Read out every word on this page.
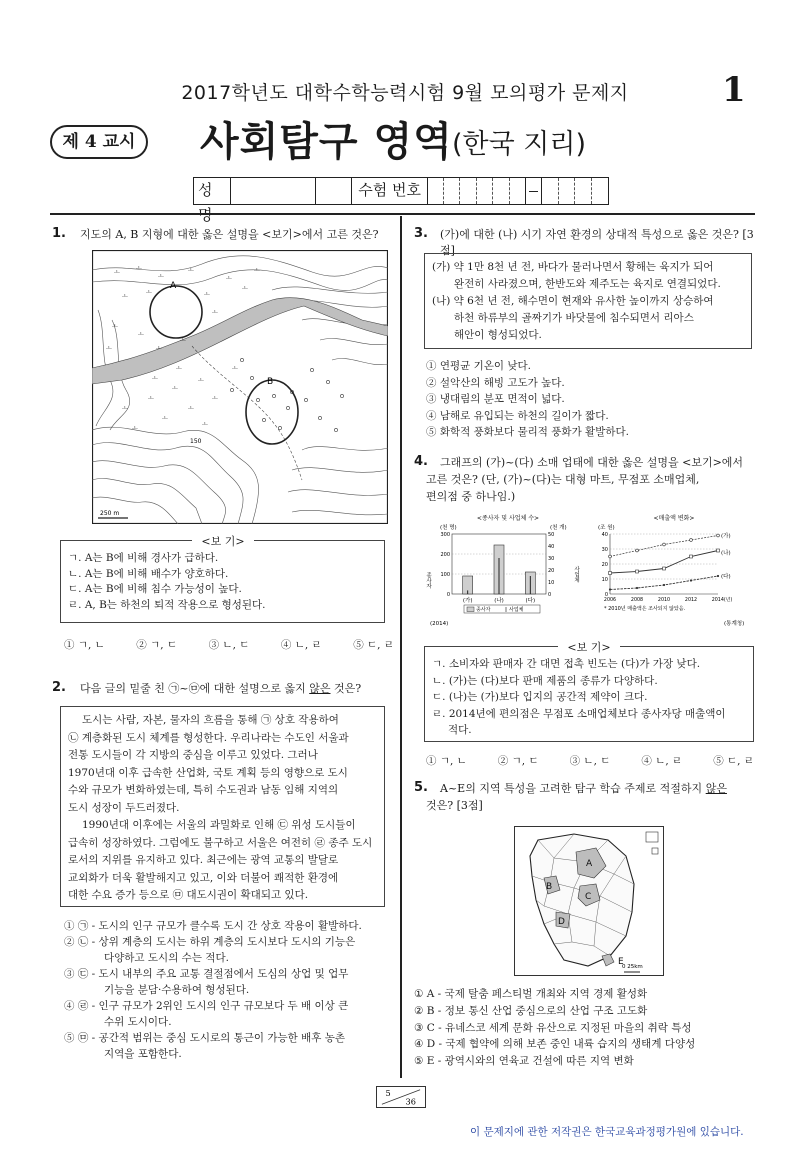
2017학년도 대학수학능력시험 9월 모의평가 문제지	1
제 4 교시	사회탐구 영역 (한국 지리)
성명
수험 번호
1. 지도의 A, B 지형에 대한 옳은 설명을 <보기>에서 고른 것은?
A
B
150
ㅗ
ㅗ
ㅗ
ㅗ
ㅗ
ㅗ	ㅗ
ㅗ
ㅗ
ㅗ
ㅗ
ㅗ
ㅗ	ㅗ
ㅗ
ㅗ
ㅗ
ㅗ
ㅗ
ㅗ
ㅗ
ㅗ
ㅗ
ㅗ
ㅗ
ㅗ
ㅗ
ㅗ
250 m
<보 기>
ㄱ. A는 B에 비해 경사가 급하다.
ㄴ. A는 B에 비해 배수가 양호하다.
ㄷ. A는 B에 비해 침수 가능성이 높다.
ㄹ. A, B는 하천의 퇴적 작용으로 형성된다.
① ㄱ, ㄴ	② ㄱ, ㄷ	③ ㄴ, ㄷ	④ ㄴ, ㄹ	⑤ ㄷ, ㄹ
2. 다음 글의 밑줄 친 ㉠~㉤에 대한 설명으로 옳지 않은 것은?
도시는 사람, 자본, 물자의 흐름을 통해 ㉠ 상호 작용하여
㉡ 계층화된 도시 체계를 형성한다. 우리나라는 수도인 서울과
전통 도시들이 각 지방의 중심을 이루고 있었다. 그러나
1970년대 이후 급속한 산업화, 국토 계획 등의 영향으로 도시
수와 규모가 변화하였는데, 특히 수도권과 남동 임해 지역의
도시 성장이 두드러졌다.
1990년대 이후에는 서울의 과밀화로 인해 ㉢ 위성 도시들이
급속히 성장하였다. 그럼에도 불구하고 서울은 여전히 ㉣ 종주 도시
로서의 지위를 유지하고 있다. 최근에는 광역 교통의 발달로
교외화가 더욱 활발해지고 있고, 이와 더불어 쾌적한 환경에
대한 수요 증가 등으로 ㉤ 대도시권이 확대되고 있다.
① ㉠ - 도시의 인구 규모가 클수록 도시 간 상호 작용이 활발하다.
② ㉡ - 상위 계층의 도시는 하위 계층의 도시보다 도시의 기능은
다양하고 도시의 수는 적다.
③ ㉢ - 도시 내부의 주요 교통 결절점에서 도심의 상업 및 업무
기능을 분담·수용하여 형성된다.
④ ㉣ - 인구 규모가 2위인 도시의 인구 규모보다 두 배 이상 큰
수위 도시이다.
⑤ ㉤ - 공간적 범위는 중심 도시로의 통근이 가능한 배후 농촌
지역을 포함한다.
3. (가)에 대한 (나) 시기 자연 환경의 상대적 특성으로 옳은 것은? [3점]
(가) 약 1만 8천 년 전, 바다가 물러나면서 황해는 육지가 되어
완전히 사라졌으며, 한반도와 제주도는 육지로 연결되었다.
(나) 약 6천 년 전, 해수면이 현재와 유사한 높이까지 상승하여
하천 하류부의 골짜기가 바닷물에 침수되면서 리아스
해안이 형성되었다.
① 연평균 기온이 낮다.
② 설악산의 해빙 고도가 높다.
③ 냉대림의 분포 면적이 넓다.
④ 남해로 유입되는 하천의 길이가 짧다.
⑤ 화학적 풍화보다 물리적 풍화가 활발하다.
4. 그래프의 (가)~(다) 소매 업태에 대한 옳은 설명을 <보기>에서
고른 것은? (단, (가)~(다)는 대형 마트, 무점포 소매업체,
편의점 중 하나임.)
<종사자 및 사업체 수>
(천 명)	(천 개)
300
200
100
0
50
40
30
20
10
0
(가)	(나)	(다)
종사자	사업체
종사자	사업체
(2014)
<매출액 변화>
(조 원)
40
30
20
10
0
2006	2008	2010	2012	2014(년)
(가)
(나)
(다)
* 2010년 매출액은 조사되지 않았음.
(통계청)
<보 기>
ㄱ. 소비자와 판매자 간 대면 접촉 빈도는 (다)가 가장 낮다.
ㄴ. (가)는 (다)보다 판매 제품의 종류가 다양하다.
ㄷ. (나)는 (가)보다 입지의 공간적 제약이 크다.
ㄹ. 2014년에 편의점은 무점포 소매업체보다 종사자당 매출액이
적다.
① ㄱ, ㄴ	② ㄱ, ㄷ	③ ㄴ, ㄷ	④ ㄴ, ㄹ	⑤ ㄷ, ㄹ
5. A~E의 지역 특성을 고려한 탐구 학습 주제로 적절하지 않은
것은? [3점]
A
B
C
D
E
0 25km
① A - 국제 탈춤 페스티벌 개최와 지역 경제 활성화
② B - 정보 통신 산업 중심으로의 산업 구조 고도화
③ C - 유네스코 세계 문화 유산으로 지정된 마을의 취락 특성
④ D - 국제 협약에 의해 보존 중인 내륙 습지의 생태계 다양성
⑤ E - 광역시와의 연육교 건설에 따른 지역 변화
5
36
이 문제지에 관한 저작권은 한국교육과정평가원에 있습니다.
